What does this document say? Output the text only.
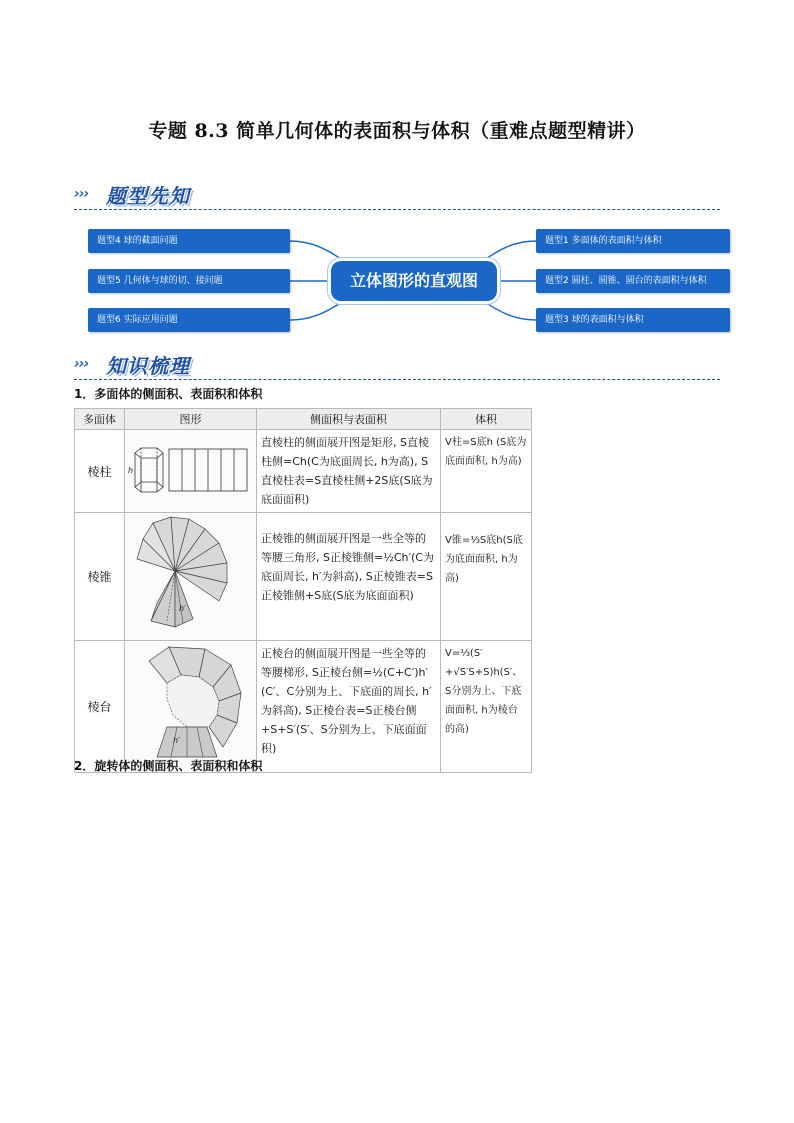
专题 8.3 简单几何体的表面积与体积（重难点题型精讲）
››› 题型先知
题型4 球的截面问题
题型5 几何体与球的切、接问题
题型6 实际应用问题
立体图形的直观图
题型1 多面体的表面积与体积
题型2 圆柱、圆锥、圆台的表面积与体积
题型3 球的表面积与体积
››› 知识梳理
1．多面体的侧面积、表面积和体积
多面体	图形	侧面积与表面积	体积
棱柱	h	直棱柱的侧面展开图是矩形, S直棱柱侧=Ch(C为底面周长, h为高), S直棱柱表=S直棱柱侧+2S底(S底为底面面积)	V柱=S底h (S底为底面面积, h为高)
棱锥	h′	正棱锥的侧面展开图是一些全等的等腰三角形, S正棱锥侧=½Ch′(C为底面周长, h′为斜高), S正棱锥表=S正棱锥侧+S底(S底为底面面积)	V锥=⅓S底h(S底为底面面积, h为高)
棱台	h′	正棱台的侧面展开图是一些全等的等腰梯形, S正棱台侧=½(C+C′)h′(C′、C分别为上、下底面的周长, h′为斜高), S正棱台表=S正棱台侧+S+S′(S′、S分别为上、下底面面积)	V=⅓(S′+√S′S+S)h(S′、S分别为上、下底面面积, h为棱台的高)
2．旋转体的侧面积、表面积和体积
